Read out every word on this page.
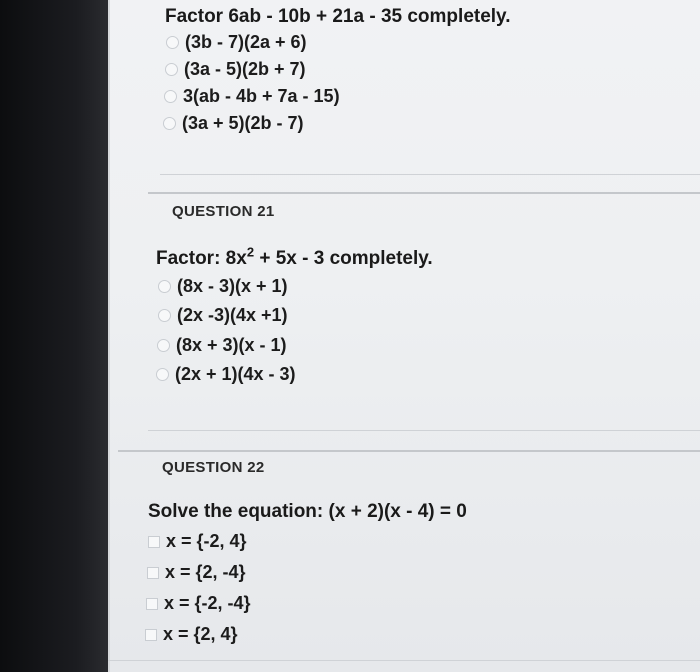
Factor 6ab - 10b + 21a - 35 completely.
(3b - 7)(2a + 6)
(3a - 5)(2b + 7)
3(ab - 4b + 7a - 15)
(3a + 5)(2b - 7)
QUESTION 21
Factor: $8x^2 + 5x - 3$ completely.
(8x - 3)(x + 1)
(2x -3)(4x +1)
(8x + 3)(x - 1)
(2x + 1)(4x - 3)
QUESTION 22
Solve the equation: (x + 2)(x - 4) = 0
x = {-2, 4}
x = {2, -4}
x = {-2, -4}
x = {2, 4}
